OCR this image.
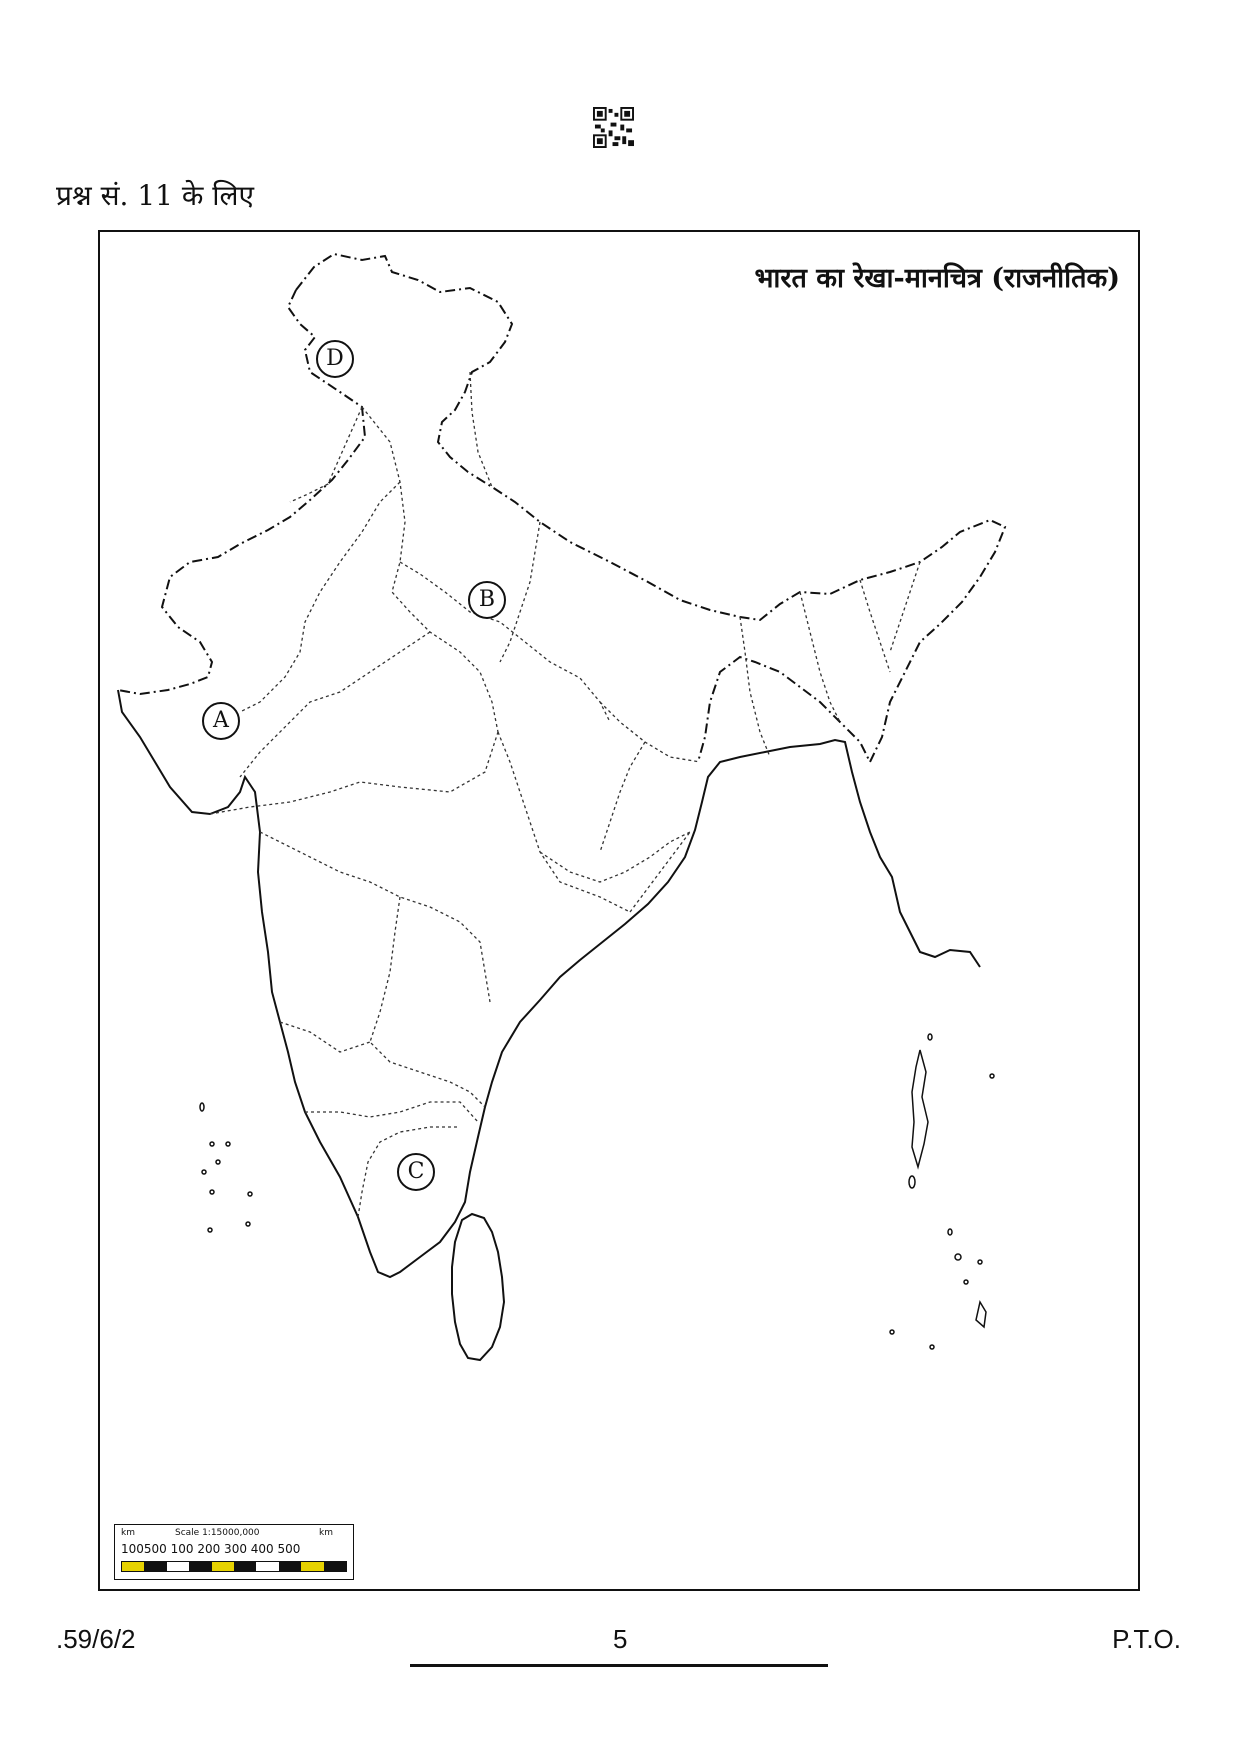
प्रश्न सं. 11 के लिए
भारत का रेखा-मानचित्र (राजनीतिक)
D
B
A
C
km	Scale 1:15000,000	km
100500 100 200 300 400 500
.59/6/2	5	P.T.O.
